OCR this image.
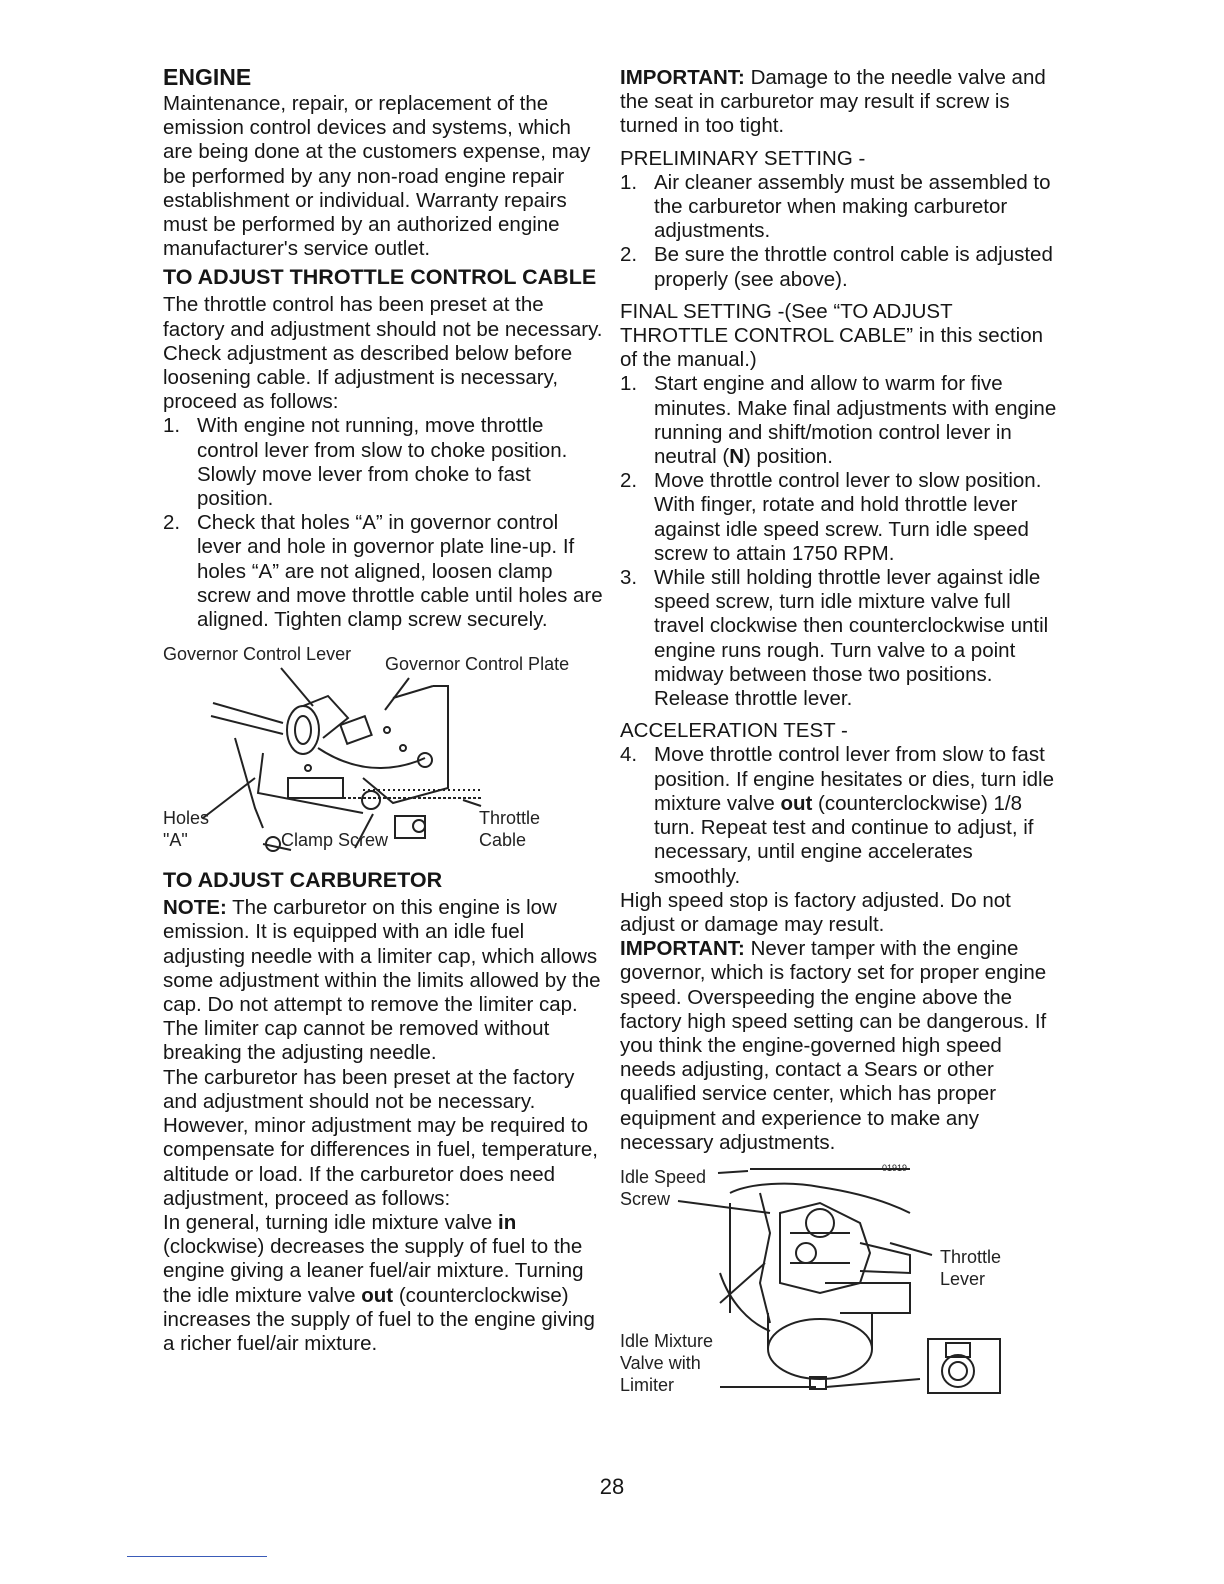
ENGINE

Maintenance, repair, or replacement of the emission control devices and systems, which are being done at the customers expense, may be performed by any non-road engine repair establishment or individual. Warranty repairs must be performed by an authorized engine manufacturer's service outlet.

TO ADJUST THROTTLE CONTROL CABLE

The throttle control has been preset at the factory and adjustment should not be necessary. Check adjustment as described below before loosening cable. If adjustment is necessary, proceed as follows:

1. With engine not running, move throttle control lever from slow to choke position. Slowly move lever from choke to fast position.
2. Check that holes “A” in governor control lever and hole in governor plate line-up. If holes “A” are not aligned, loosen clamp screw and move throttle cable until holes are aligned. Tighten clamp screw securely.
Governor Control Lever Governor Control Plate
Holes
"A"	Clamp Screw
Throttle
Cable
TO ADJUST CARBURETOR

NOTE: The carburetor on this engine is low emission. It is equipped with an idle fuel adjusting needle with a limiter cap, which allows some adjustment within the limits allowed by the cap. Do not attempt to remove the limiter cap. The limiter cap cannot be removed without breaking the adjusting needle.

The carburetor has been preset at the factory and adjustment should not be necessary. However, minor adjustment may be required to compensate for differences in fuel, temperature, altitude or load. If the carburetor does need adjustment, proceed as follows:

In general, turning idle mixture valve in (clockwise) decreases the supply of fuel to the engine giving a leaner fuel/air mixture. Turning the idle mixture valve out (counterclockwise) increases the supply of fuel to the engine giving a richer fuel/air mixture.

IMPORTANT: Damage to the needle valve and the seat in carburetor may result if screw is turned in too tight.

PRELIMINARY SETTING -

1. Air cleaner assembly must be assembled to the carburetor when making carburetor adjustments.
2. Be sure the throttle control cable is adjusted properly (see above).

FINAL SETTING -(See “TO ADJUST THROTTLE CONTROL CABLE” in this section of the manual.)

1. Start engine and allow to warm for five minutes. Make final adjustments with engine running and shift/motion control lever in neutral (N) position.
2. Move throttle control lever to slow position. With finger, rotate and hold throttle lever against idle speed screw. Turn idle speed screw to attain 1750 RPM.
3. While still holding throttle lever against idle speed screw, turn idle mixture valve full travel clockwise then counterclockwise until engine runs rough. Turn valve to a point midway between those two positions. Release throttle lever.

ACCELERATION TEST -

4. Move throttle control lever from slow to fast position. If engine hesitates or dies, turn idle mixture valve out (counterclockwise) 1/8 turn. Repeat test and continue to adjust, if necessary, until engine accelerates smoothly.

High speed stop is factory adjusted. Do not adjust or damage may result.

IMPORTANT: Never tamper with the engine governor, which is factory set for proper engine speed. Overspeeding the engine above the factory high speed setting can be dangerous. If you think the engine-governed high speed needs adjusting, contact a Sears or other qualified service center, which has proper equipment and experience to make any necessary adjustments.

Idle Speed
Screw
01919
Throttle
Lever
Idle Mixture
Valve with
Limiter
28
